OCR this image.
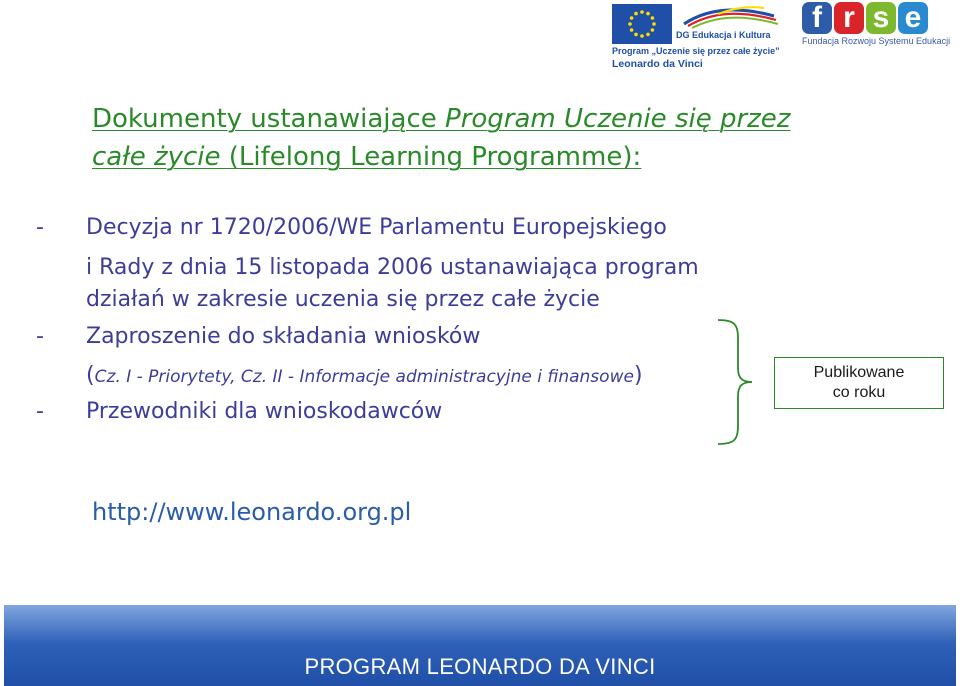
DG Edukacja i Kultura
Program „Uczenie się przez całe życie”
Leonardo da Vinci
f r s e
Fundacja Rozwoju Systemu Edukacji
Dokumenty ustanawiające Program Uczenie się przez całe życie (Lifelong Learning Programme):
- Decyzja nr 1720/2006/WE Parlamentu Europejskiego
i Rady z dnia 15 listopada 2006 ustanawiająca program
działań w zakresie uczenia się przez całe życie
- Zaproszenie do składania wniosków
(Cz. I - Priorytety, Cz. II - Informacje administracyjne i finansowe)
- Przewodniki dla wnioskodawców
Publikowane
co roku
http://www.leonardo.org.pl
PROGRAM LEONARDO DA VINCI
